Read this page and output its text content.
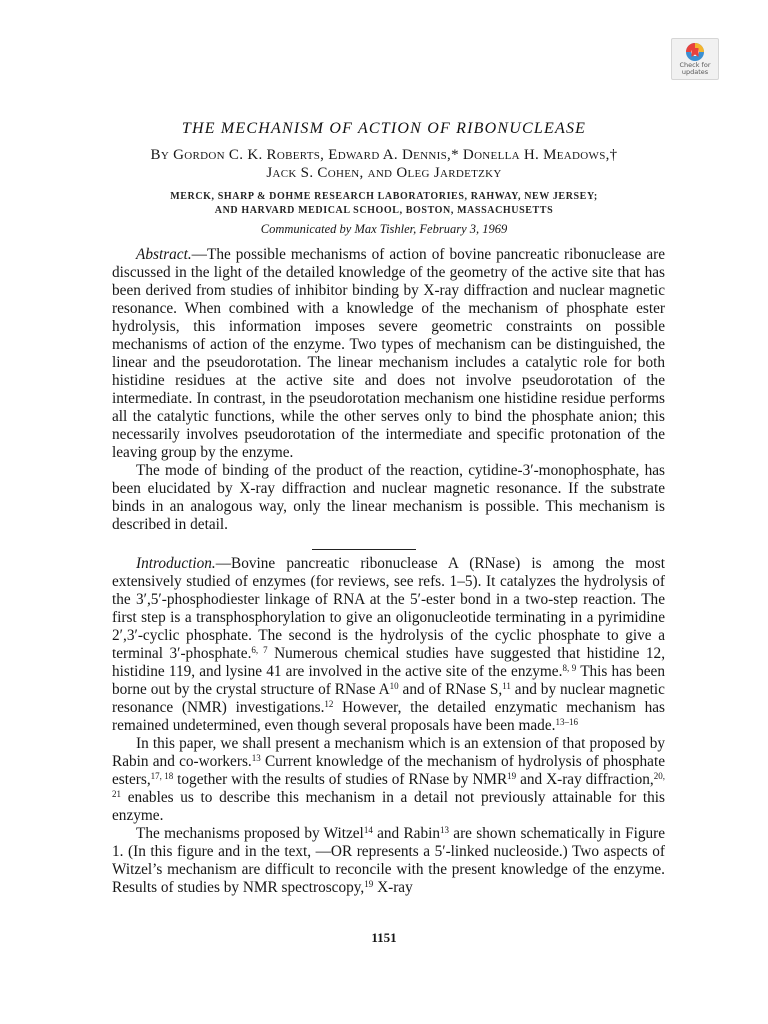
Check for
updates
THE MECHANISM OF ACTION OF RIBONUCLEASE
By Gordon C. K. Roberts, Edward A. Dennis,* Donella H. Meadows,†
Jack S. Cohen, and Oleg Jardetzky
MERCK, SHARP & DOHME RESEARCH LABORATORIES, RAHWAY, NEW JERSEY;
AND HARVARD MEDICAL SCHOOL, BOSTON, MASSACHUSETTS
Communicated by Max Tishler, February 3, 1969

Abstract.—The possible mechanisms of action of bovine pancreatic ribonuclease are discussed in the light of the detailed knowledge of the geometry of the active site that has been derived from studies of inhibitor binding by X-ray diffraction and nuclear magnetic resonance. When combined with a knowledge of the mechanism of phosphate ester hydrolysis, this information imposes severe geometric constraints on possible mechanisms of action of the enzyme. Two types of mechanism can be distinguished, the linear and the pseudorotation. The linear mechanism includes a catalytic role for both histidine residues at the active site and does not involve pseudorotation of the intermediate. In contrast, in the pseudorotation mechanism one histidine residue performs all the catalytic functions, while the other serves only to bind the phosphate anion; this necessarily involves pseudorotation of the intermediate and specific protonation of the leaving group by the enzyme.

The mode of binding of the product of the reaction, cytidine-3′-monophosphate, has been elucidated by X-ray diffraction and nuclear magnetic resonance. If the substrate binds in an analogous way, only the linear mechanism is possible. This mechanism is described in detail.

Introduction.—Bovine pancreatic ribonuclease A (RNase) is among the most extensively studied of enzymes (for reviews, see refs. 1–5). It catalyzes the hydrolysis of the 3′,5′-phosphodiester linkage of RNA at the 5′-ester bond in a two-step reaction. The first step is a transphosphorylation to give an oligonucleotide terminating in a pyrimidine 2′,3′-cyclic phosphate. The second is the hydrolysis of the cyclic phosphate to give a terminal 3′-phosphate.$^{6, 7}$ Numerous chemical studies have suggested that histidine 12, histidine 119, and lysine 41 are involved in the active site of the enzyme.$^{8, 9}$ This has been borne out by the crystal structure of RNase $A^{10}$ and of RNase S,$^{11}$ and by nuclear magnetic resonance (NMR) investigations.$^{12}$ However, the detailed enzymatic mechanism has remained undetermined, even though several proposals have been made.$^{13-16}$

In this paper, we shall present a mechanism which is an extension of that proposed by Rabin and co-workers.$^{13}$ Current knowledge of the mechanism of hydrolysis of phosphate esters,$^{17, 18}$ together with the results of studies of RNase by NMR$^{19}$ and X-ray diffraction,$^{20, 21}$ enables us to describe this mechanism in a detail not previously attainable for this enzyme.

The mechanisms proposed by Witzel$^{14}$ and Rabin$^{13}$ are shown schematically in Figure 1. (In this figure and in the text, —OR represents a 5′-linked nucleoside.) Two aspects of Witzel’s mechanism are difficult to reconcile with the present knowledge of the enzyme. Results of studies by NMR spectroscopy,$^{19}$ X-ray

1151
